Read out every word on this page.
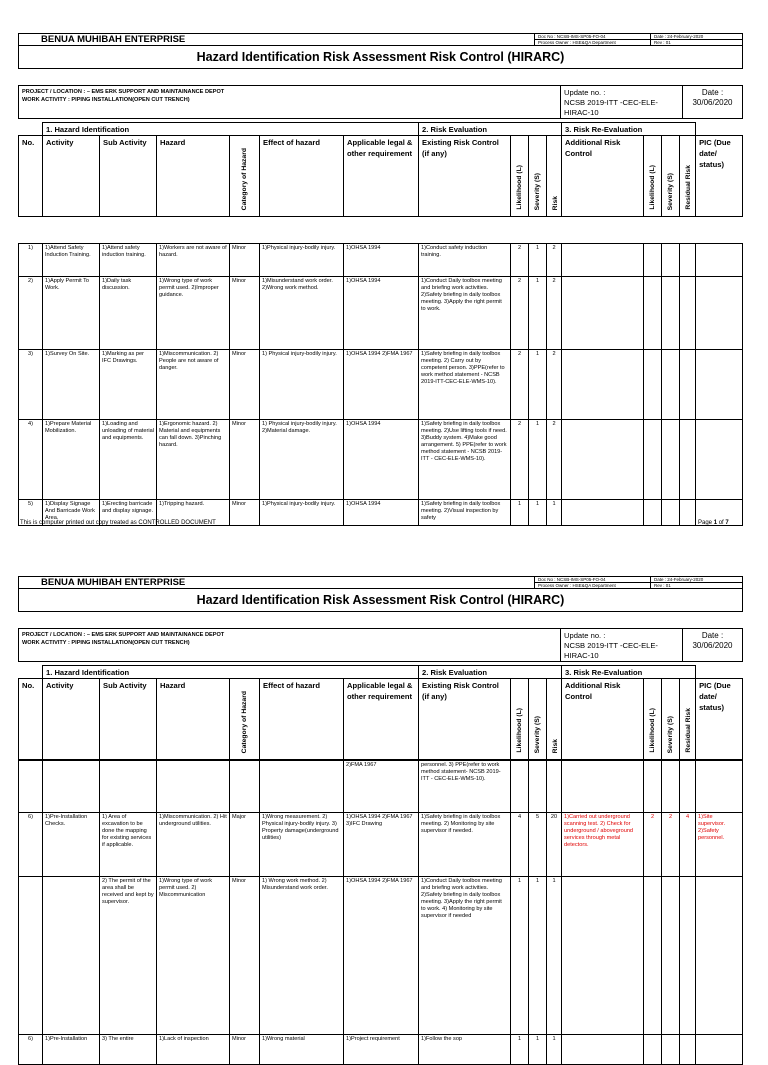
BENUA MUHIBAH ENTERPRISE	Doc No : NCSB-IMS-SP05-FO-04	Date : 24-February-2020
	Process Owner : HSE&QA Department	Rev : 01
Hazard Identification Risk Assessment Risk Control (HIRARC)		
PROJECT / LOCATION : – EMS ERK SUPPORT AND MAINTAINANCE DEPOT
WORK ACTIVITY : PIPING INSTALLATION(OPEN CUT TRENCH)

Update no. :
NCSB 2019-ITT -CEC-ELE-HIRAC-10

Date :
30/06/2020
	1. Hazard Identification						2. Risk Evaluation				3. Risk Re-Evaluation				
No.	Activity	Sub Activity	Hazard	Category of Hazard	Effect of hazard	Applicable legal & other requirement	Existing Risk Control (if any)	Likelihood (L)	Severity (S)	Risk	Additional Risk Control	Likelihood (L)	Severity (S)	Residual Risk	PIC (Due date/ status)
1)	1)Attend Safety Induction Training.	1)Attend safety induction training.	1)Workers are not aware of hazard.	Minor	1)Physical injury-bodily injury.	1)OHSA 1994	1)Conduct safety induction training.	2	1	2					
2)	1)Apply Permit To Work.	1)Daily task discussion.	1)Wrong type of work permit used. 2)Improper guidance.	Minor	1)Misunderstand work order. 2)Wrong work method.	1)OHSA 1994	1)Conduct Daily toolbox meeting and briefing work activities. 2)Safety briefing in daily toolbox meeting. 3)Apply the right permit to work.	2	1	2					
3)	1)Survey On Site.	1)Marking as per IFC Drawings.	1)Miscommunication. 2) People are not aware of danger.	Minor	1) Physical injury-bodily injury.	1)OHSA 1994 2)FMA 1967	1)Safety briefing in daily toolbox meeting. 2) Carry out by competent person. 3)PPE(refer to work method statement - NCSB 2019-ITT-CEC-ELE-WMS-10).	2	1	2					
4)	1)Prepare Material Mobilization.	1)Loading and unloading of material and equipments.	1)Ergonomic hazard. 2) Material and equipments can fall down. 3)Pinching hazard.	Minor	1) Physical injury-bodily injury. 2)Material damage.	1)OHSA 1994	1)Safety briefing in daily toolbox meeting. 2)Use lifting tools if need. 3)Buddy system. 4)Make good arrangement. 5) PPE(refer to work method statement - NCSB 2019-ITT - CEC-ELE-WMS-10).	2	1	2					
5)	1)Display Signage And Barricade Work Area.	1)Erecting barricade and display signage.	1)Tripping hazard.	Minor	1)Physical injury-bodily injury.	1)OHSA 1994	1)Safety briefing in daily toolbox meeting. 2)Visual inspection by safety	1	1	1					
This is computer printed out copy treated as CONTROLLED DOCUMENT	Page 1 of 7
BENUA MUHIBAH ENTERPRISE	Doc No : NCSB-IMS-SP05-FO-04	Date : 24-February-2020
	Process Owner : HSE&QA Department	Rev : 01
Hazard Identification Risk Assessment Risk Control (HIRARC)		
PROJECT / LOCATION : – EMS ERK SUPPORT AND MAINTAINANCE DEPOT
WORK ACTIVITY : PIPING INSTALLATION(OPEN CUT TRENCH)

Update no. :
NCSB 2019-ITT -CEC-ELE-HIRAC-10

Date :
30/06/2020
	1. Hazard Identification						2. Risk Evaluation				3. Risk Re-Evaluation				
No.	Activity	Sub Activity	Hazard	Category of Hazard	Effect of hazard	Applicable legal & other requirement	Existing Risk Control (if any)	Likelihood (L)	Severity (S)	Risk	Additional Risk Control	Likelihood (L)	Severity (S)	Residual Risk	PIC (Due date/ status)
						2)FMA 1967	personnel. 3) PPE(refer to work method statement- NCSB 2019-ITT - CEC-ELE-WMS-10).								
6)	1)Pre-Installation Checks.	1) Area of excavation to be done the mapping for existing services if applicable.	1)Miscommunication. 2) Hit underground utilities.	Major	1)Wrong measurement. 2) Physical injury-bodily injury. 3) Property damage(underground utilities)	1)OHSA 1994 2)FMA 1967 3)IFC Drawing	1)Safety briefing in daily toolbox meeting. 2) Monitoring by site supervisor if needed.	4	5	20	1)Carried out underground scanning test. 2) Check for underground / aboveground services through metal detectors.	2	2	4	1)Site supervisor. 2)Safety personnel.
		2) The permit of the area shall be received and kept by supervisor.	1)Wrong type of work permit used. 2) Miscommunication	Minor	1) Wrong work method. 2) Misunderstand work order.	1)OHSA 1994 2)FMA 1967	1)Conduct Daily toolbox meeting and briefing work activities. 2)Safety briefing in daily toolbox meeting. 3)Apply the right permit to work. 4) Monitoring by site supervisor if needed	1	1	1					
6)	1)Pre-Installation	3) The entire	1)Lack of inspection	Minor	1)Wrong material	1)Project requirement	1)Follow the sop	1	1	1					
